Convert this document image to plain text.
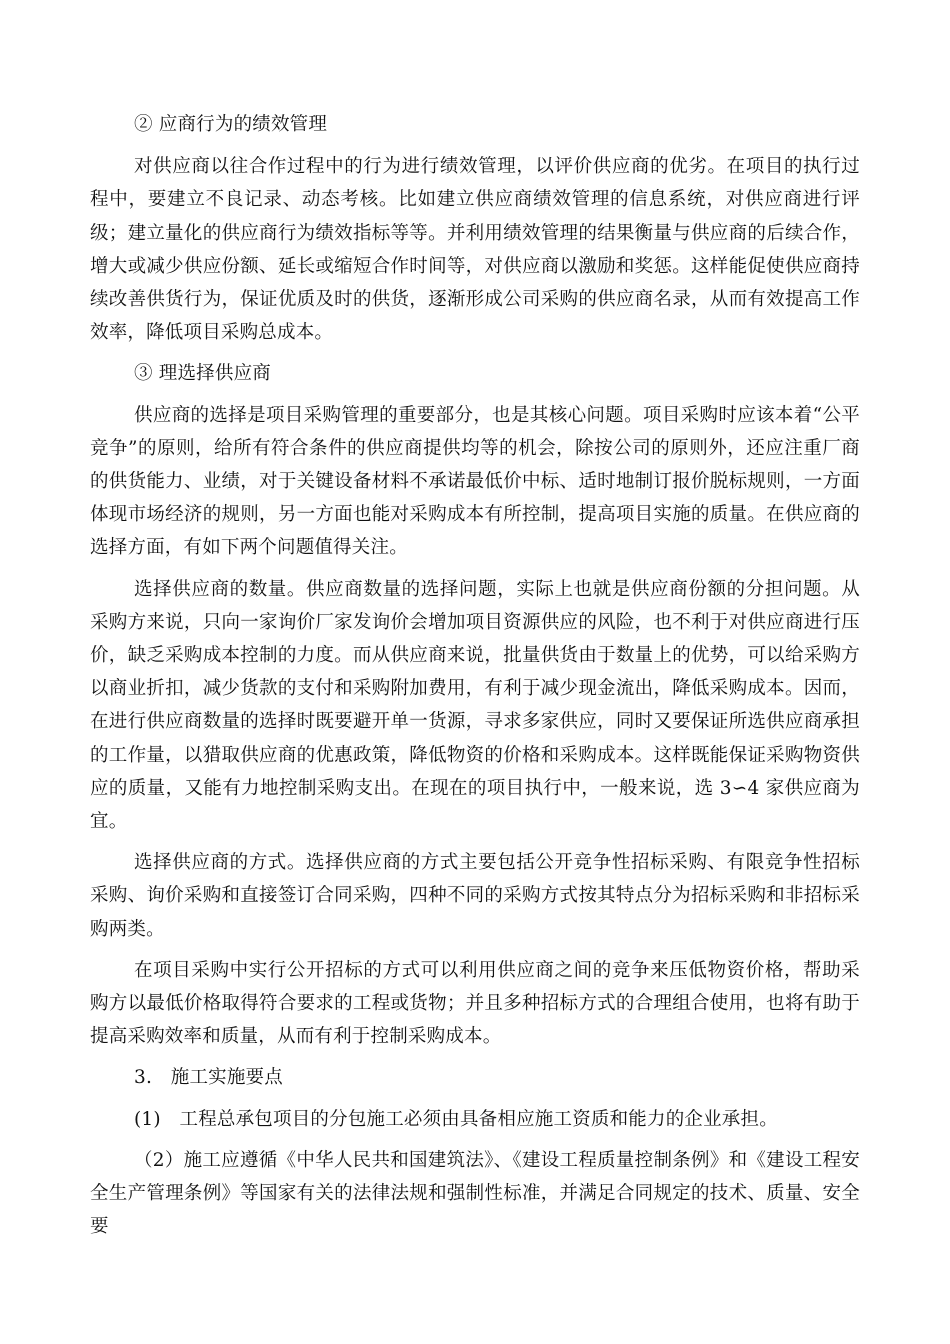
② 应商行为的绩效管理

对供应商以往合作过程中的行为进行绩效管理，以评价供应商的优劣。在项目的执行过程中，要建立不良记录、动态考核。比如建立供应商绩效管理的信息系统，对供应商进行评级；建立量化的供应商行为绩效指标等等。并利用绩效管理的结果衡量与供应商的后续合作，增大或减少供应份额、延长或缩短合作时间等，对供应商以激励和奖惩。这样能促使供应商持续改善供货行为，保证优质及时的供货，逐渐形成公司采购的供应商名录，从而有效提高工作效率，降低项目采购总成本。

③ 理选择供应商

供应商的选择是项目采购管理的重要部分，也是其核心问题。项目采购时应该本着“公平竞争”的原则，给所有符合条件的供应商提供均等的机会，除按公司的原则外，还应注重厂商的供货能力、业绩，对于关键设备材料不承诺最低价中标、适时地制订报价脱标规则，一方面体现市场经济的规则，另一方面也能对采购成本有所控制，提高项目实施的质量。在供应商的选择方面，有如下两个问题值得关注。

选择供应商的数量。供应商数量的选择问题，实际上也就是供应商份额的分担问题。从采购方来说，只向一家询价厂家发询价会增加项目资源供应的风险，也不利于对供应商进行压价，缺乏采购成本控制的力度。而从供应商来说，批量供货由于数量上的优势，可以给采购方以商业折扣，减少货款的支付和采购附加费用，有利于减少现金流出，降低采购成本。因而，在进行供应商数量的选择时既要避开单一货源，寻求多家供应，同时又要保证所选供应商承担的工作量，以猎取供应商的优惠政策，降低物资的价格和采购成本。这样既能保证采购物资供应的质量，又能有力地控制采购支出。在现在的项目执行中，一般来说，选 3∽4 家供应商为宜。

选择供应商的方式。选择供应商的方式主要包括公开竞争性招标采购、有限竞争性招标采购、询价采购和直接签订合同采购，四种不同的采购方式按其特点分为招标采购和非招标采购两类。

在项目采购中实行公开招标的方式可以利用供应商之间的竞争来压低物资价格，帮助采购方以最低价格取得符合要求的工程或货物；并且多种招标方式的合理组合使用，也将有助于提高采购效率和质量，从而有利于控制采购成本。

3.　施工实施要点

(1)　工程总承包项目的分包施工必须由具备相应施工资质和能力的企业承担。

（2）施工应遵循《中华人民共和国建筑法》、《建设工程质量控制条例》和《建设工程安全生产管理条例》等国家有关的法律法规和强制性标准，并满足合同规定的技术、质量、安全要
